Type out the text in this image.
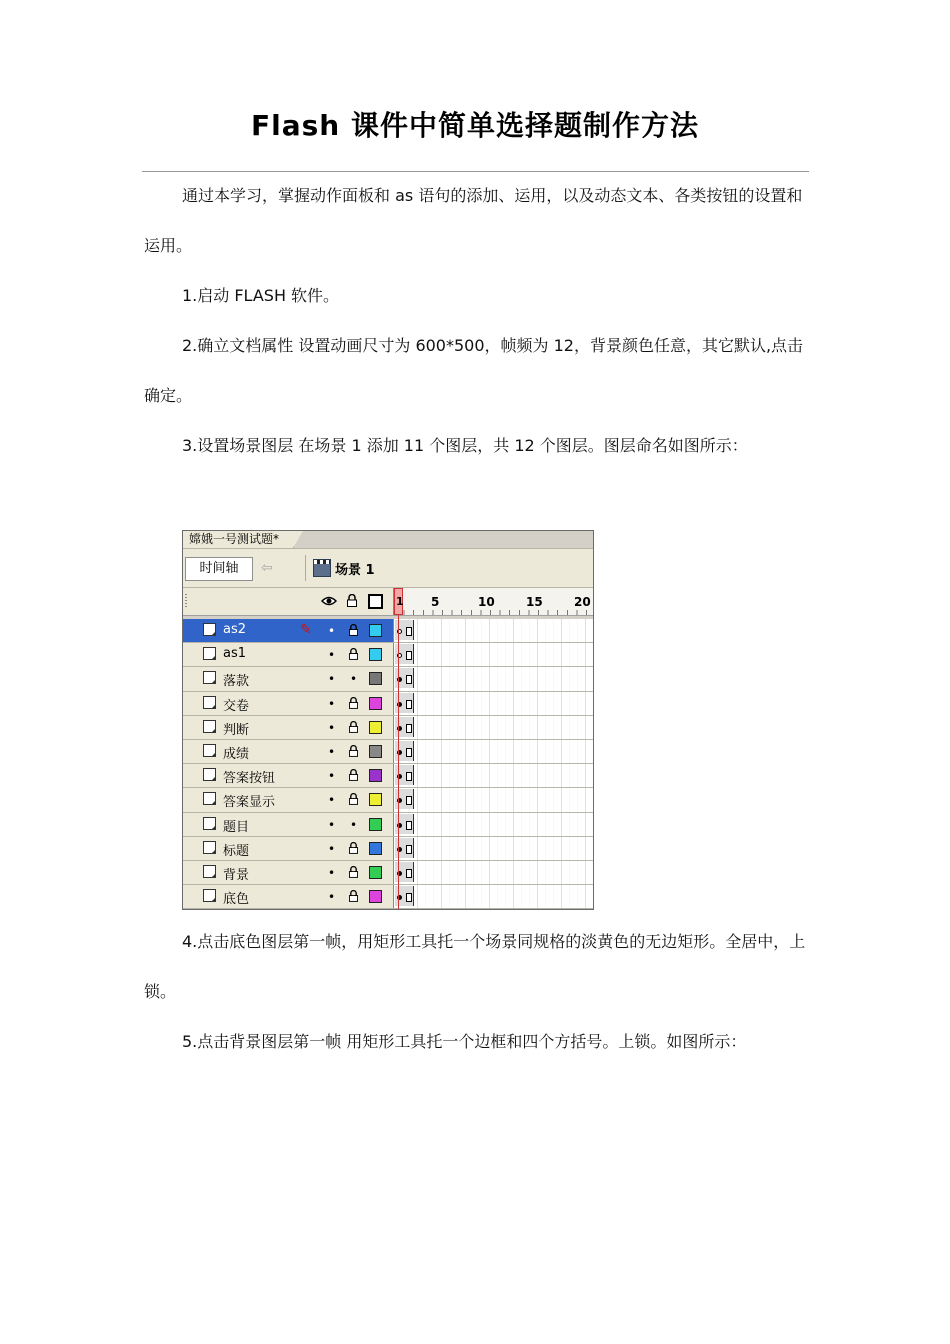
Flash 课件中简单选择题制作方法

通过本学习，掌握动作面板和 as 语句的添加、运用，以及动态文本、各类按钮的设置和运用。

1.启动 FLASH 软件。

2.确立文档属性 设置动画尺寸为 600*500，帧频为 12，背景颜色任意，其它默认,点击确定。

3.设置场景图层 在场景 1 添加 11 个图层，共 12 个图层。图层命名如图所示：

嫦娥一号测试题*
时间轴	⇦	场景 1
5	10	15	20
1
as2	✎ •
as1	•
落款	• •
交卷	•
判断	•
成绩	•
答案按钮	•
答案显示	•
题目	• •
标题	•
背景	•
底色	•

4.点击底色图层第一帧，用矩形工具托一个场景同规格的淡黄色的无边矩形。全居中，上锁。

5.点击背景图层第一帧 用矩形工具托一个边框和四个方括号。上锁。如图所示：
